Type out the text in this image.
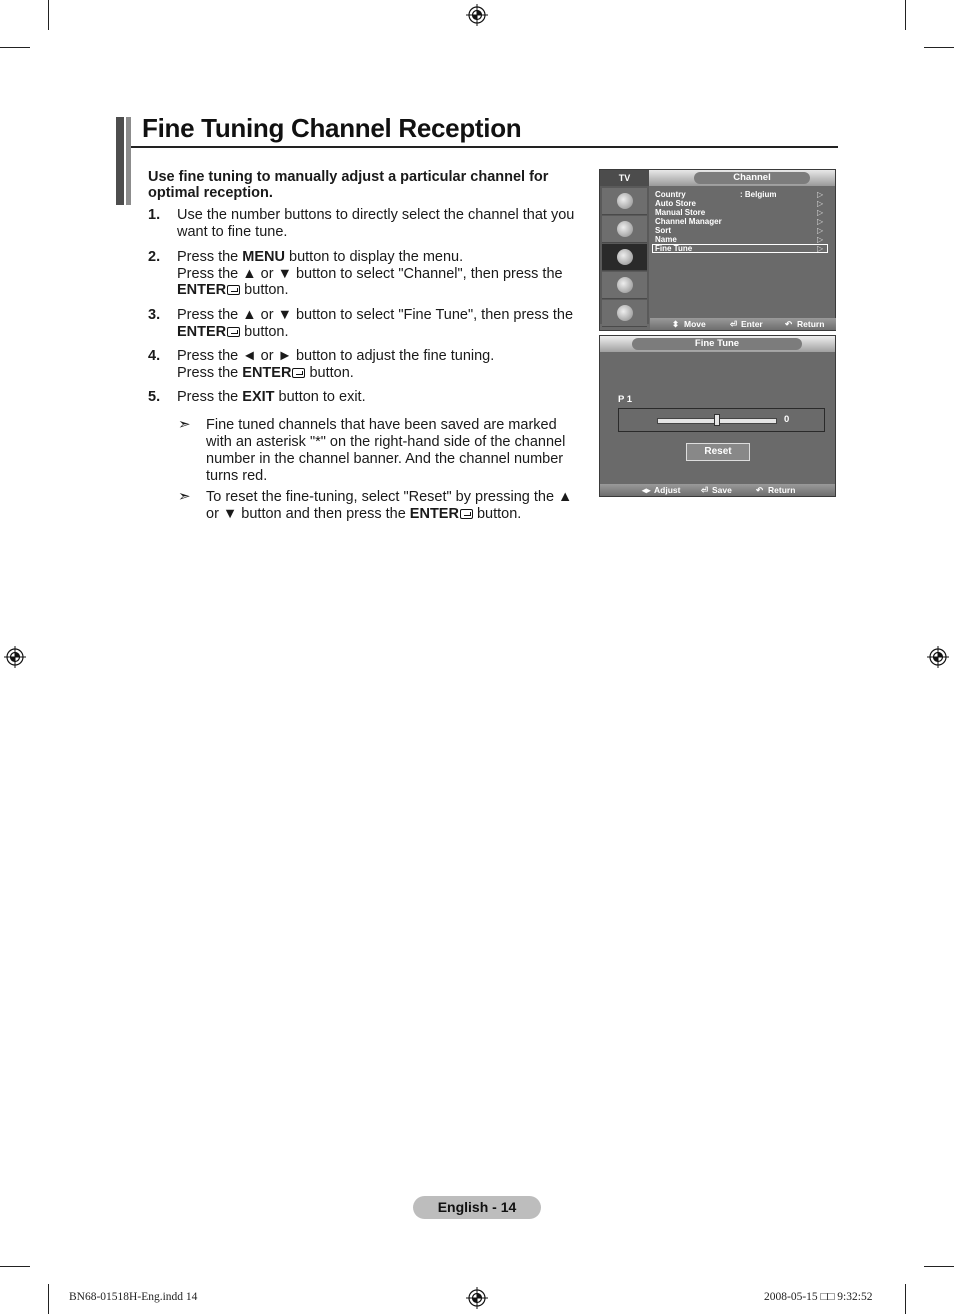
Fine Tuning Channel Reception
Use fine tuning to manually adjust a particular channel for optimal reception.
1. Use the number buttons to directly select the channel that you want to fine tune.
2. Press the MENU button to display the menu.
Press the ▲ or ▼ button to select "Channel", then press the ENTER button.
3. Press the ▲ or ▼ button to select "Fine Tune", then press the ENTER button.
4. Press the ◄ or ► button to adjust the fine tuning.
Press the ENTER button.
5. Press the EXIT button to exit.
➣ Fine tuned channels that have been saved are marked with an asterisk "*" on the right-hand side of the channel number in the channel banner. And the channel number turns red.
➣ To reset the fine-tuning, select "Reset" by pressing the ▲ or ▼ button and then press the ENTER button.
TV	Channel
Country	: Belgium
Auto Store
Manual Store
Channel Manager
Sort
Name
Fine Tune
▷
▷
▷
▷
▷
▷
▷
⬍ Move	⏎ Enter	↶ Return
Fine Tune
P 1
0
Reset
◂▸ Adjust ⏎ Save	↶ Return
English - 14
BN68-01518H-Eng.indd 14	2008-05-15 □□ 9:32:52
